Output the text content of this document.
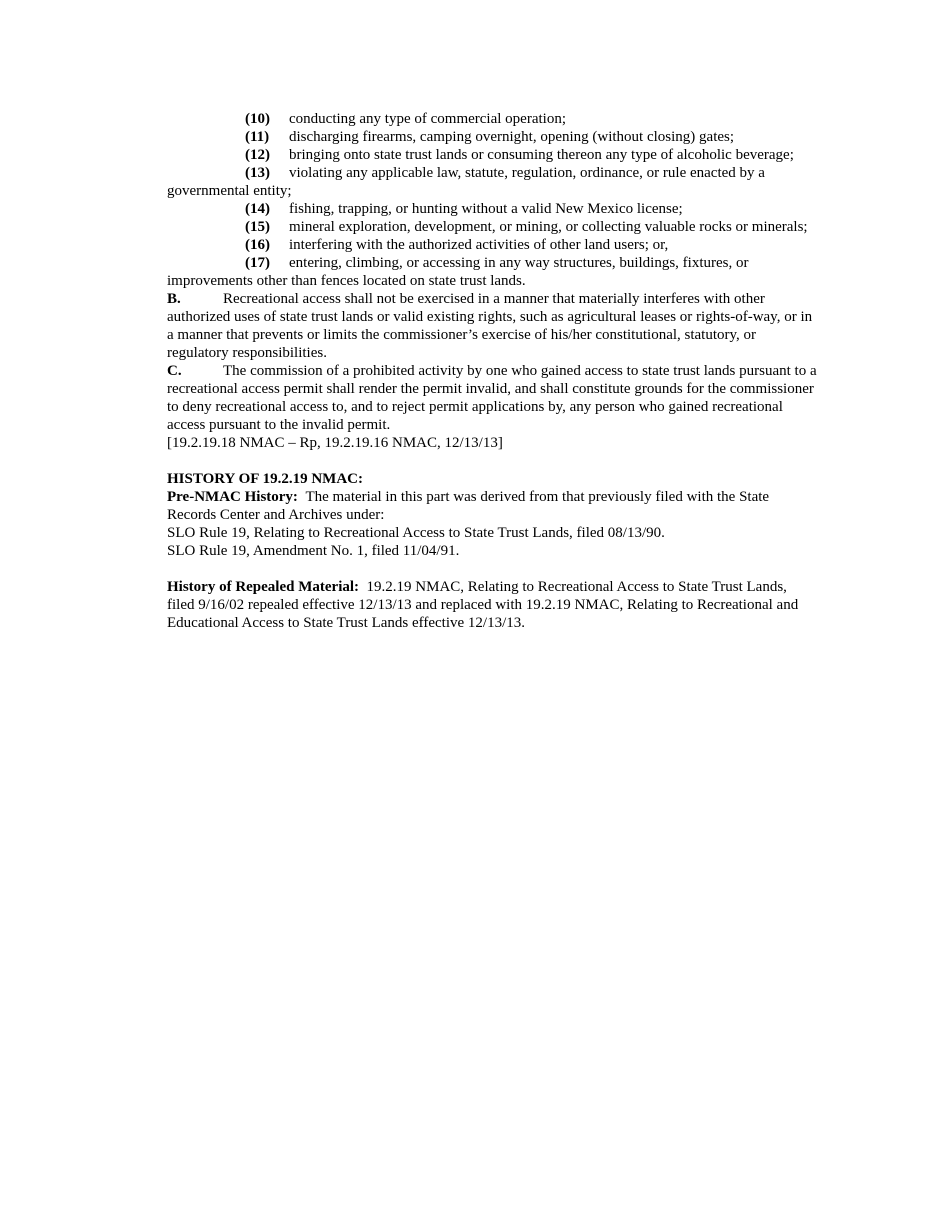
(10) conducting any type of commercial operation;
(11) discharging firearms, camping overnight, opening (without closing) gates;
(12) bringing onto state trust lands or consuming thereon any type of alcoholic beverage;
(13) violating any applicable law, statute, regulation, ordinance, or rule enacted by a
governmental entity;
(14) fishing, trapping, or hunting without a valid New Mexico license;
(15) mineral exploration, development, or mining, or collecting valuable rocks or minerals;
(16) interfering with the authorized activities of other land users; or,
(17) entering, climbing, or accessing in any way structures, buildings, fixtures, or
improvements other than fences located on state trust lands.
B.	Recreational access shall not be exercised in a manner that materially interferes with other
authorized uses of state trust lands or valid existing rights, such as agricultural leases or rights-of-way, or in
a manner that prevents or limits the commissioner’s exercise of his/her constitutional, statutory, or
regulatory responsibilities.
C.	The commission of a prohibited activity by one who gained access to state trust lands pursuant to a
recreational access permit shall render the permit invalid, and shall constitute grounds for the commissioner
to deny recreational access to, and to reject permit applications by, any person who gained recreational
access pursuant to the invalid permit.
[19.2.19.18 NMAC – Rp, 19.2.19.16 NMAC, 12/13/13]
HISTORY OF 19.2.19 NMAC:
Pre-NMAC History: The material in this part was derived from that previously filed with the State
Records Center and Archives under:
SLO Rule 19, Relating to Recreational Access to State Trust Lands, filed 08/13/90.
SLO Rule 19, Amendment No. 1, filed 11/04/91.
History of Repealed Material: 19.2.19 NMAC, Relating to Recreational Access to State Trust Lands,
filed 9/16/02 repealed effective 12/13/13 and replaced with 19.2.19 NMAC, Relating to Recreational and
Educational Access to State Trust Lands effective 12/13/13.
